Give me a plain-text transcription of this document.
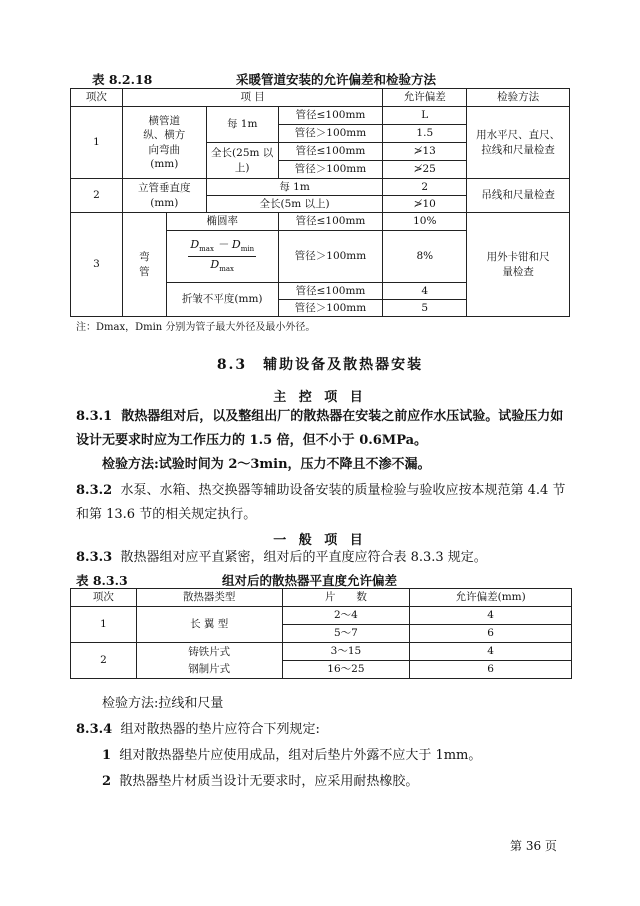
表 8.2.18	采暖管道安装的允许偏差和检验方法
项次	项 目				允许偏差	检验方法
1	横管道纵、横方向弯曲(mm)		每 1m	管径≤100mm	L	用水平尺、直尺、拉线和尺量检查
				管径＞100mm	1.5	
			全长(25m 以上)	管径≤100mm	≯13	
				管径＞100mm	≯25	
2	立管垂直度(mm)		每 1m		2	吊线和尺量检查
			全长(5m 以上)		≯10	
3	弯管	椭圆率		管径≤100mm	10%	用外卡钳和尺量检查

		$\frac{D_{max} - D_{min}}{D_{max}}$		管径＞100mm	8%	
		折皱不平度(mm)		管径≤100mm	4	
				管径＞100mm	5	
注：Dmax，Dmin 分别为管子最大外径及最小外径。
8.3　辅助设备及散热器安装
主 控 项 目
8.3.1 散热器组对后，以及整组出厂的散热器在安装之前应作水压试验。试验压力如设计无要求时应为工作压力的 1.5 倍，但不小于 0.6MPa。
检验方法:试验时间为 2～3min，压力不降且不渗不漏。
8.3.2 水泵、水箱、热交换器等辅助设备安装的质量检验与验收应按本规范第 4.4 节和第 13.6 节的相关规定执行。
一 般 项 目
8.3.3 散热器组对应平直紧密，组对后的平直度应符合表 8.3.3 规定。
表 8.3.3	组对后的散热器平直度允许偏差
项次	散热器类型	片　　数	允许偏差(mm)
1	长 翼 型	2～4	4
		5～7	6
2	铸铁片式	3～15	4
	钢制片式	16～25	6
检验方法:拉线和尺量
8.3.4 组对散热器的垫片应符合下列规定:
1 组对散热器垫片应使用成品，组对后垫片外露不应大于 1mm。
2 散热器垫片材质当设计无要求时，应采用耐热橡胶。
第 36 页
